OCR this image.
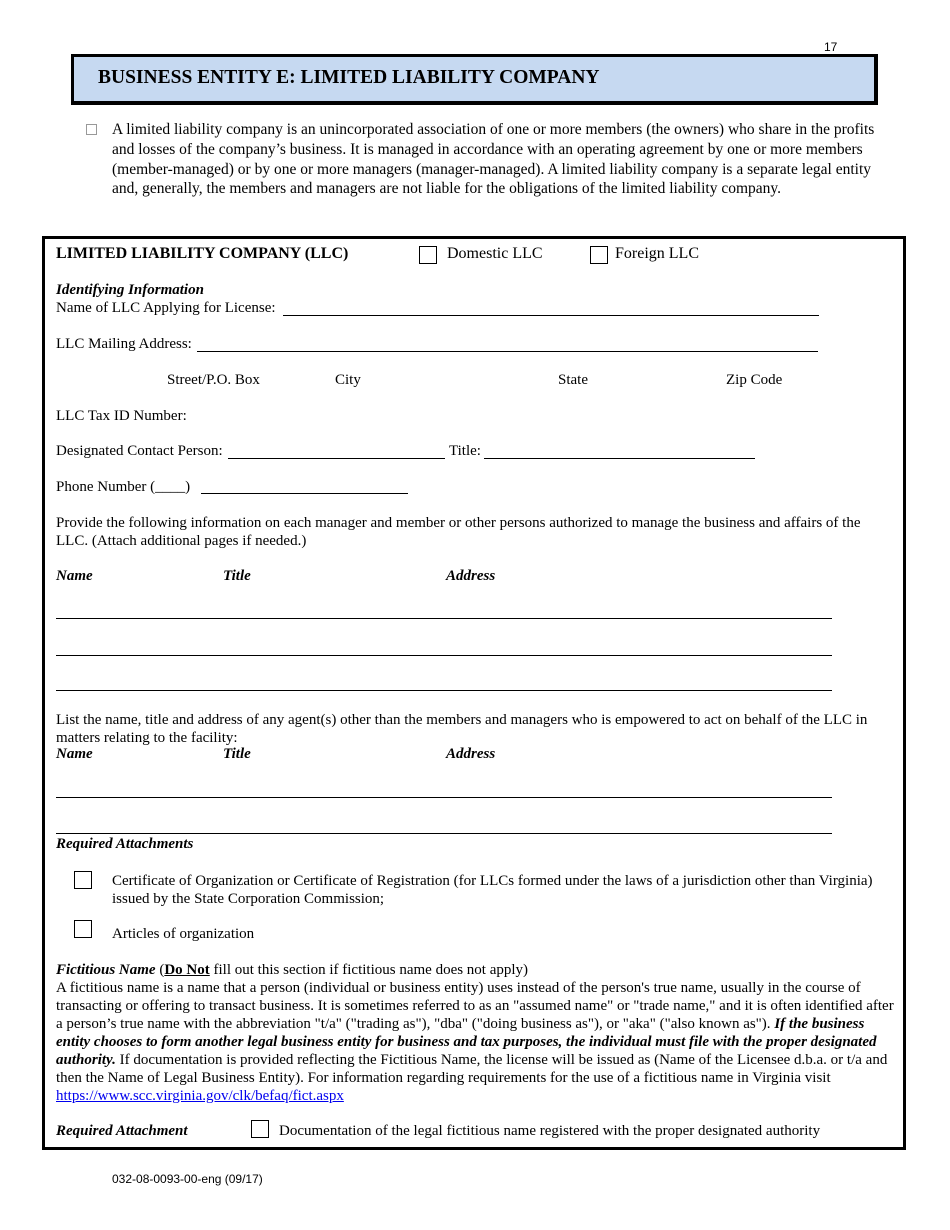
17
BUSINESS ENTITY E: LIMITED LIABILITY COMPANY
A limited liability company is an unincorporated association of one or more members (the owners) who share in the profits and losses of the company’s business. It is managed in accordance with an operating agreement by one or more members (member-managed) or by one or more managers (manager-managed). A limited liability company is a separate legal entity and, generally, the members and managers are not liable for the obligations of the limited liability company.
LIMITED LIABILITY COMPANY (LLC)	Domestic LLC	Foreign LLC
Identifying Information
Name of LLC Applying for License:
LLC Mailing Address:
Street/P.O. Box	City	State	Zip Code
LLC Tax ID Number:
Designated Contact Person:	Title:
Phone Number (____)
Provide the following information on each manager and member or other persons authorized to manage the business and affairs of the LLC. (Attach additional pages if needed.)
Name	Title	Address
List the name, title and address of any agent(s) other than the members and managers who is empowered to act on behalf of the LLC in matters relating to the facility:
Name	Title	Address
Required Attachments
Certificate of Organization or Certificate of Registration (for LLCs formed under the laws of a jurisdiction other than Virginia) issued by the State Corporation Commission;
Articles of organization
Fictitious Name (Do Not fill out this section if fictitious name does not apply)
A fictitious name is a name that a person (individual or business entity) uses instead of the person's true name, usually in the course of transacting or offering to transact business. It is sometimes referred to as an "assumed name" or "trade name," and it is often identified after a person’s true name with the abbreviation "t/a" ("trading as"), "dba" ("doing business as"), or "aka" ("also known as"). If the business entity chooses to form another legal business entity for business and tax purposes, the individual must file with the proper designated authority. If documentation is provided reflecting the Fictitious Name, the license will be issued as (Name of the Licensee d.b.a. or t/a and then the Name of Legal Business Entity). For information regarding requirements for the use of a fictitious name in Virginia visit https://www.scc.virginia.gov/clk/befaq/fict.aspx
Required Attachment	Documentation of the legal fictitious name registered with the proper designated authority
032-08-0093-00-eng (09/17)
